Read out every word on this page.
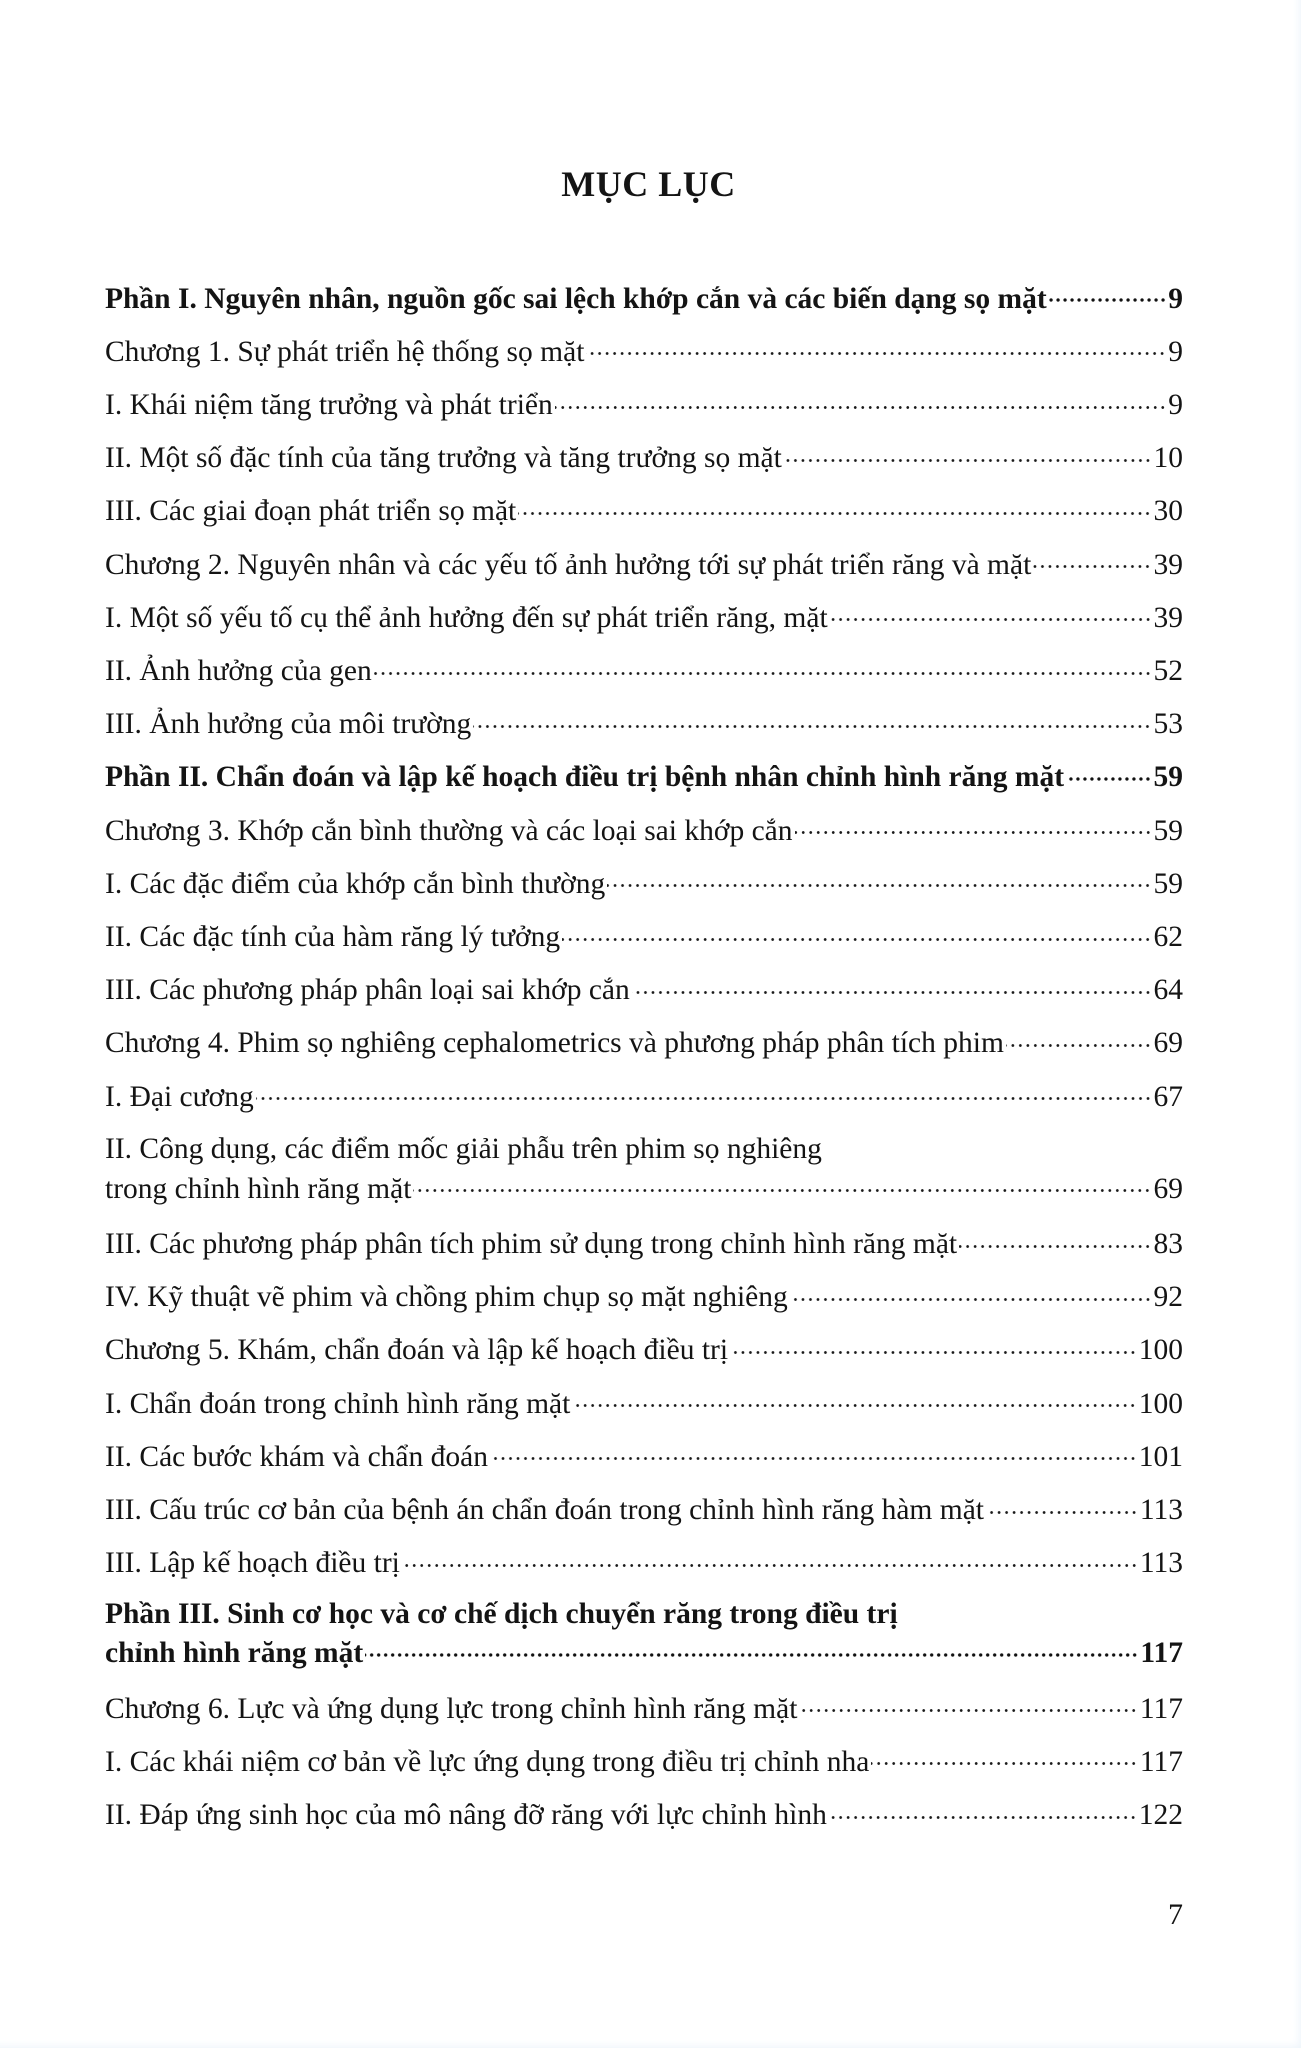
MỤC LỤC
Phần I. Nguyên nhân, nguồn gốc sai lệch khớp cắn và các biến dạng sọ mặt	9
Chương 1. Sự phát triển hệ thống sọ mặt	9
I. Khái niệm tăng trưởng và phát triển	9
II. Một số đặc tính của tăng trưởng và tăng trưởng sọ mặt	10
III. Các giai đoạn phát triển sọ mặt	30
Chương 2. Nguyên nhân và các yếu tố ảnh hưởng tới sự phát triển răng và mặt	39
I. Một số yếu tố cụ thể ảnh hưởng đến sự phát triển răng, mặt	39
II. Ảnh hưởng của gen	52
III. Ảnh hưởng của môi trường	53
Phần II. Chẩn đoán và lập kế hoạch điều trị bệnh nhân chỉnh hình răng mặt	59
Chương 3. Khớp cắn bình thường và các loại sai khớp cắn	59
I. Các đặc điểm của khớp cắn bình thường	59
II. Các đặc tính của hàm răng lý tưởng	62
III. Các phương pháp phân loại sai khớp cắn	64
Chương 4. Phim sọ nghiêng cephalometrics và phương pháp phân tích phim	69
I. Đại cương	67
II. Công dụng, các điểm mốc giải phẫu trên phim sọ nghiêng
trong chỉnh hình răng mặt	69
III. Các phương pháp phân tích phim sử dụng trong chỉnh hình răng mặt	83
IV. Kỹ thuật vẽ phim và chồng phim chụp sọ mặt nghiêng	92
Chương 5. Khám, chẩn đoán và lập kế hoạch điều trị	100
I. Chẩn đoán trong chỉnh hình răng mặt	100
II. Các bước khám và chẩn đoán	101
III. Cấu trúc cơ bản của bệnh án chẩn đoán trong chỉnh hình răng hàm mặt	113
III. Lập kế hoạch điều trị	113
Phần III. Sinh cơ học và cơ chế dịch chuyển răng trong điều trị
chỉnh hình răng mặt	117
Chương 6. Lực và ứng dụng lực trong chỉnh hình răng mặt	117
I. Các khái niệm cơ bản về lực ứng dụng trong điều trị chỉnh nha	117
II. Đáp ứng sinh học của mô nâng đỡ răng với lực chỉnh hình	122
7
